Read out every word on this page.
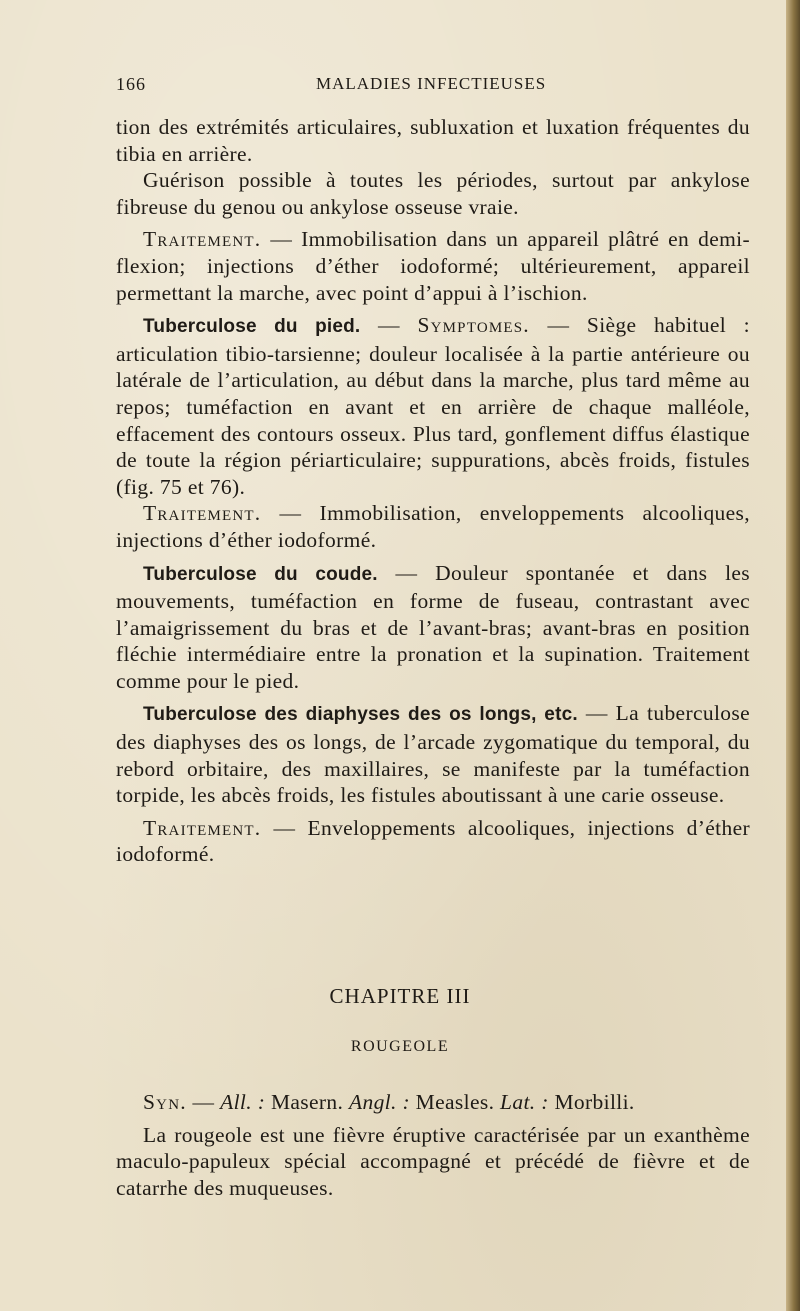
166	MALADIES INFECTIEUSES

tion des extrémités articulaires, subluxation et luxation fréquentes du tibia en arrière.

Guérison possible à toutes les périodes, surtout par ankylose fibreuse du genou ou ankylose osseuse vraie.

Traitement. — Immobilisation dans un appareil plâtré en demi-flexion; injections d’éther iodoformé; ultérieurement, appareil permettant la marche, avec point d’appui à l’ischion.

Tuberculose du pied. — Symptomes. — Siège habituel : articulation tibio-tarsienne; douleur localisée à la partie antérieure ou latérale de l’articulation, au début dans la marche, plus tard même au repos; tuméfaction en avant et en arrière de chaque malléole, effacement des contours osseux. Plus tard, gonflement diffus élastique de toute la région périarticulaire; suppurations, abcès froids, fistules (fig. 75 et 76).

Traitement. — Immobilisation, enveloppements alcooliques, injections d’éther iodoformé.

Tuberculose du coude. — Douleur spontanée et dans les mouvements, tuméfaction en forme de fuseau, contrastant avec l’amaigrissement du bras et de l’avant-bras; avant-bras en position fléchie intermédiaire entre la pronation et la supination. Traitement comme pour le pied.

Tuberculose des diaphyses des os longs, etc. — La tuberculose des diaphyses des os longs, de l’arcade zygomatique du temporal, du rebord orbitaire, des maxillaires, se manifeste par la tuméfaction torpide, les abcès froids, les fistules aboutissant à une carie osseuse.

Traitement. — Enveloppements alcooliques, injections d’éther iodoformé.

CHAPITRE III
ROUGEOLE

Syn. — All. : Masern. Angl. : Measles. Lat. : Morbilli.

La rougeole est une fièvre éruptive caractérisée par un exanthème maculo-papuleux spécial accompagné et précédé de fièvre et de catarrhe des muqueuses.
